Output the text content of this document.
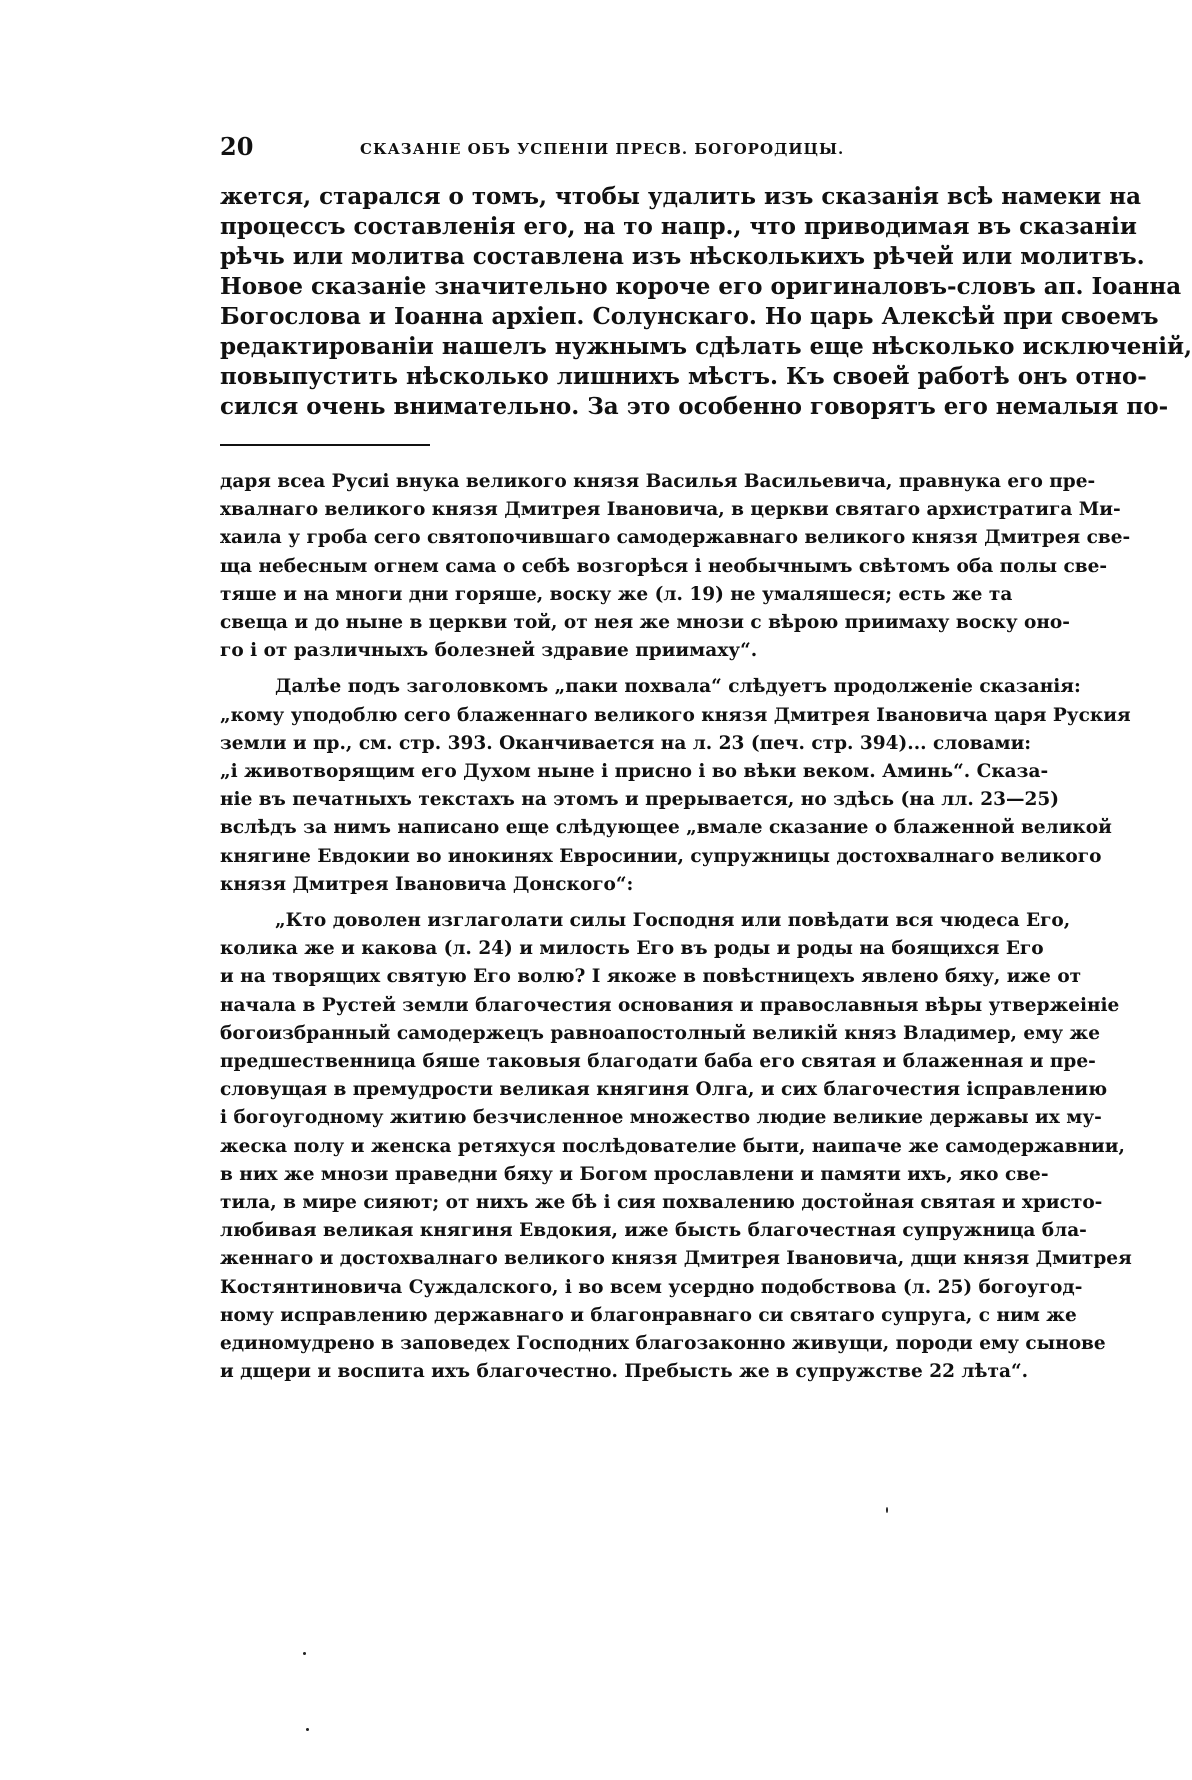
20	СКАЗАНІЕ ОБЪ УСПЕНІИ ПРЕСВ. БОГОРОДИЦЫ.
жется, старался о томъ, чтобы удалить изъ сказанія всѣ намеки на
процессъ составленія его, на то напр., что приводимая въ сказаніи
рѣчь или молитва составлена изъ нѣсколькихъ рѣчей или молитвъ.
Новое сказаніе значительно короче его оригиналовъ-словъ ап. Іоанна
Богослова и Іоанна архіеп. Солунскаго. Но царь Алексѣй при своемъ
редактированіи нашелъ нужнымъ сдѣлать еще нѣсколько исключеній,
повыпустить нѣсколько лишнихъ мѣстъ. Къ своей работѣ онъ отно-
сился очень внимательно. За это особенно говорятъ его немалыя по-
даря всеа Русиі внука великого князя Василья Васильевича, правнука его пре-
хвалнаго великого князя Дмитрея Івановича, в церкви святаго архистратига Ми-
хаила у гроба сего святопочившаго самодержавнаго великого князя Дмитрея све-
ща небесным огнем сама о себѣ возгорѣся і необычнымъ свѣтомъ оба полы све-
тяше и на многи дни горяше, воску же (л. 19) не умаляшеся; есть же та
свеща и до ныне в церкви той, от нея же мнози с вѣрою приимаху воску оно-
го і от различныхъ болезней здравие приимаху“.
Далѣе подъ заголовкомъ „паки похвала“ слѣдуетъ продолженіе сказанія:
„кому уподоблю сего блаженнаго великого князя Дмитрея Івановича царя Руския
земли и пр., см. стр. 393. Оканчивается на л. 23 (печ. стр. 394)... словами:
„і животворящим его Духом ныне і присно і во вѣки веком. Аминь“. Сказа-
ніе въ печатныхъ текстахъ на этомъ и прерывается, но здѣсь (на лл. 23—25)
вслѣдъ за нимъ написано еще слѣдующее „вмале сказание о блаженной великой
княгине Евдокии во инокинях Евросинии, супружницы достохвалнаго великого
князя Дмитрея Івановича Донского“:
„Кто доволен изглаголати силы Господня или повѣдати вся чюдеса Его,
колика же и какова (л. 24) и милость Его въ роды и роды на боящихся Его
и на творящих святую Его волю? І якоже в повѣстницехъ явлено бяху, иже от
начала в Рустей земли благочестия основания и православныя вѣры утвержеініе
богоизбранный самодержецъ равноапостолный великій княз Владимер, ему же
предшественница бяше таковыя благодати баба его святая и блаженная и пре-
словущая в премудрости великая княгиня Олга, и сих благочестия ісправлению
і богоугодному житию безчисленное множество людие великие державы их му-
жеска полу и женска ретяхуся послѣдователие быти, наипаче же самодержавнии,
в них же мнози праведни бяху и Богом прославлени и памяти ихъ, яко све-
тила, в мире сияют; от нихъ же бѣ і сия похвалению достойная святая и христо-
любивая великая княгиня Евдокия, иже бысть благочестная супружница бла-
женнаго и достохвалнаго великого князя Дмитрея Івановича, дщи князя Дмитрея
Костянтиновича Суждалского, і во всем усердно подобствова (л. 25) богоугод-
ному исправлению державнаго и благонравнаго си святаго супруга, с ним же
единомудрено в заповедех Господних благозаконно живущи, породи ему сынове
и дщери и воспита ихъ благочестно. Пребысть же в супружстве 22 лѣта“.
